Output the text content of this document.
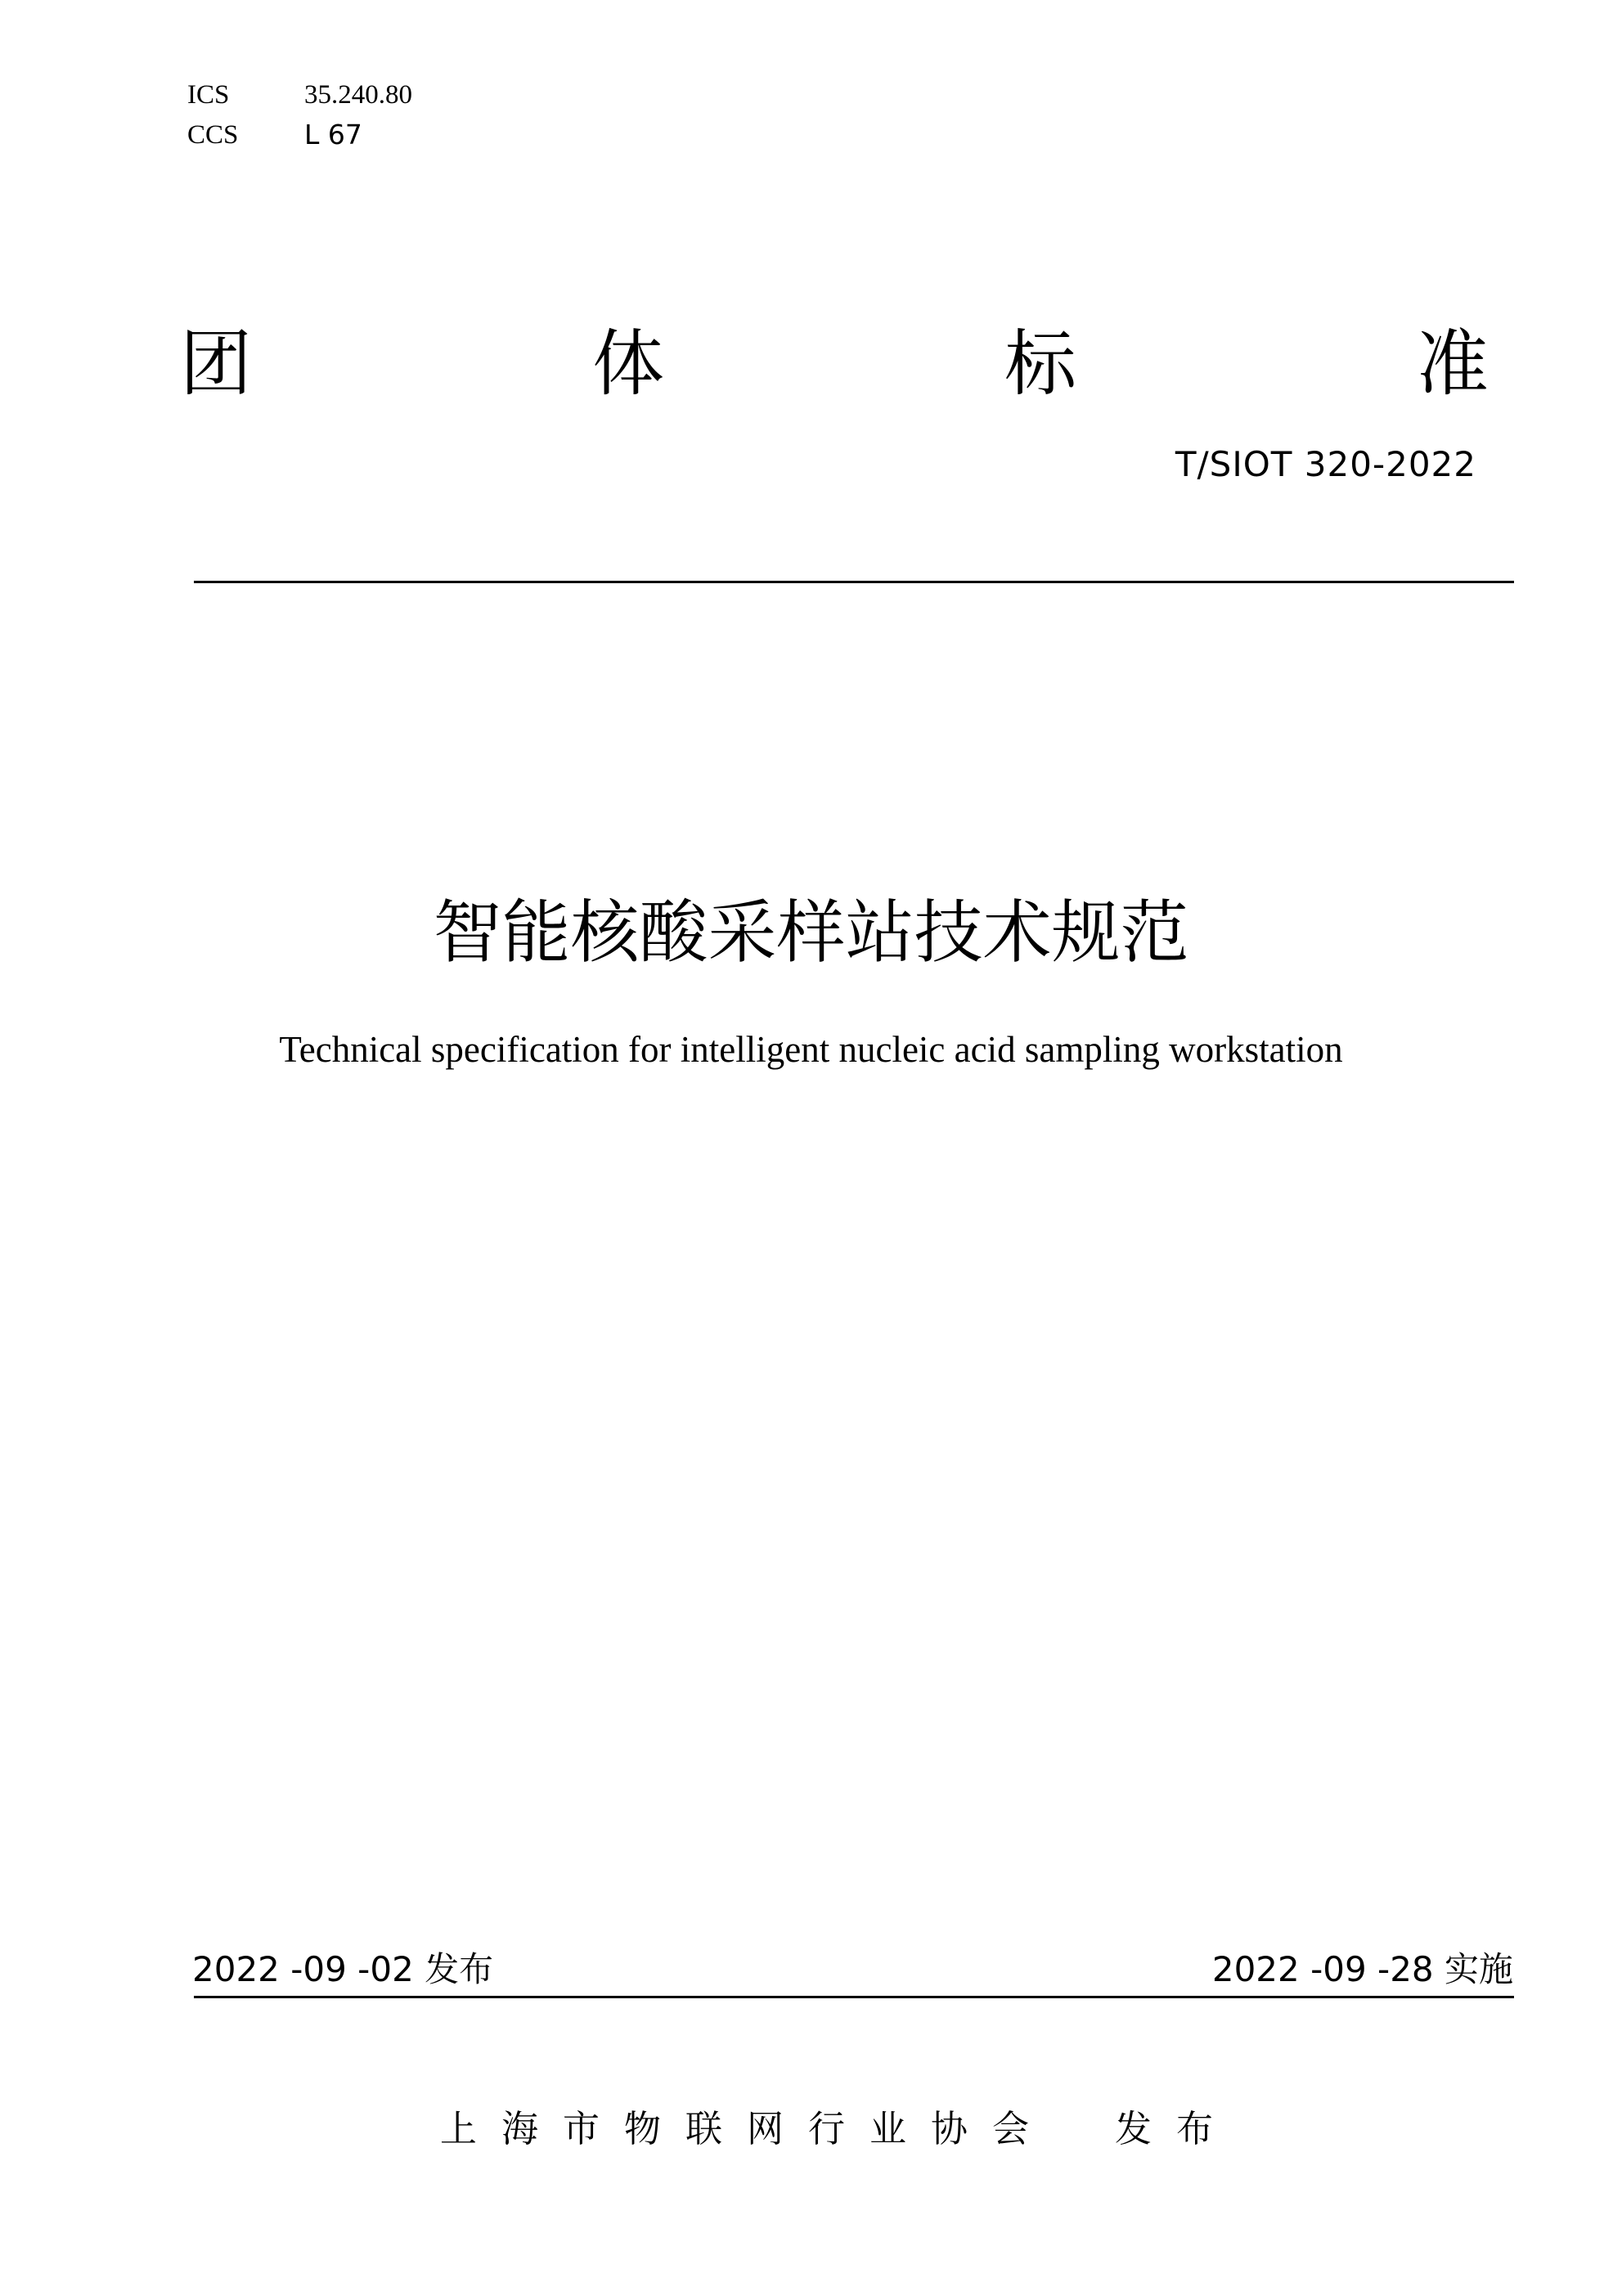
ICS	35.240.80
CCS L 67
团	体	标	准
T/SIOT 320-2022
智能核酸采样站技术规范
Technical specification for intelligent nucleic acid sampling workstation
2022 -09 -02 发布	2022 -09 -28 实施
上海市物联网行业协会　发布
